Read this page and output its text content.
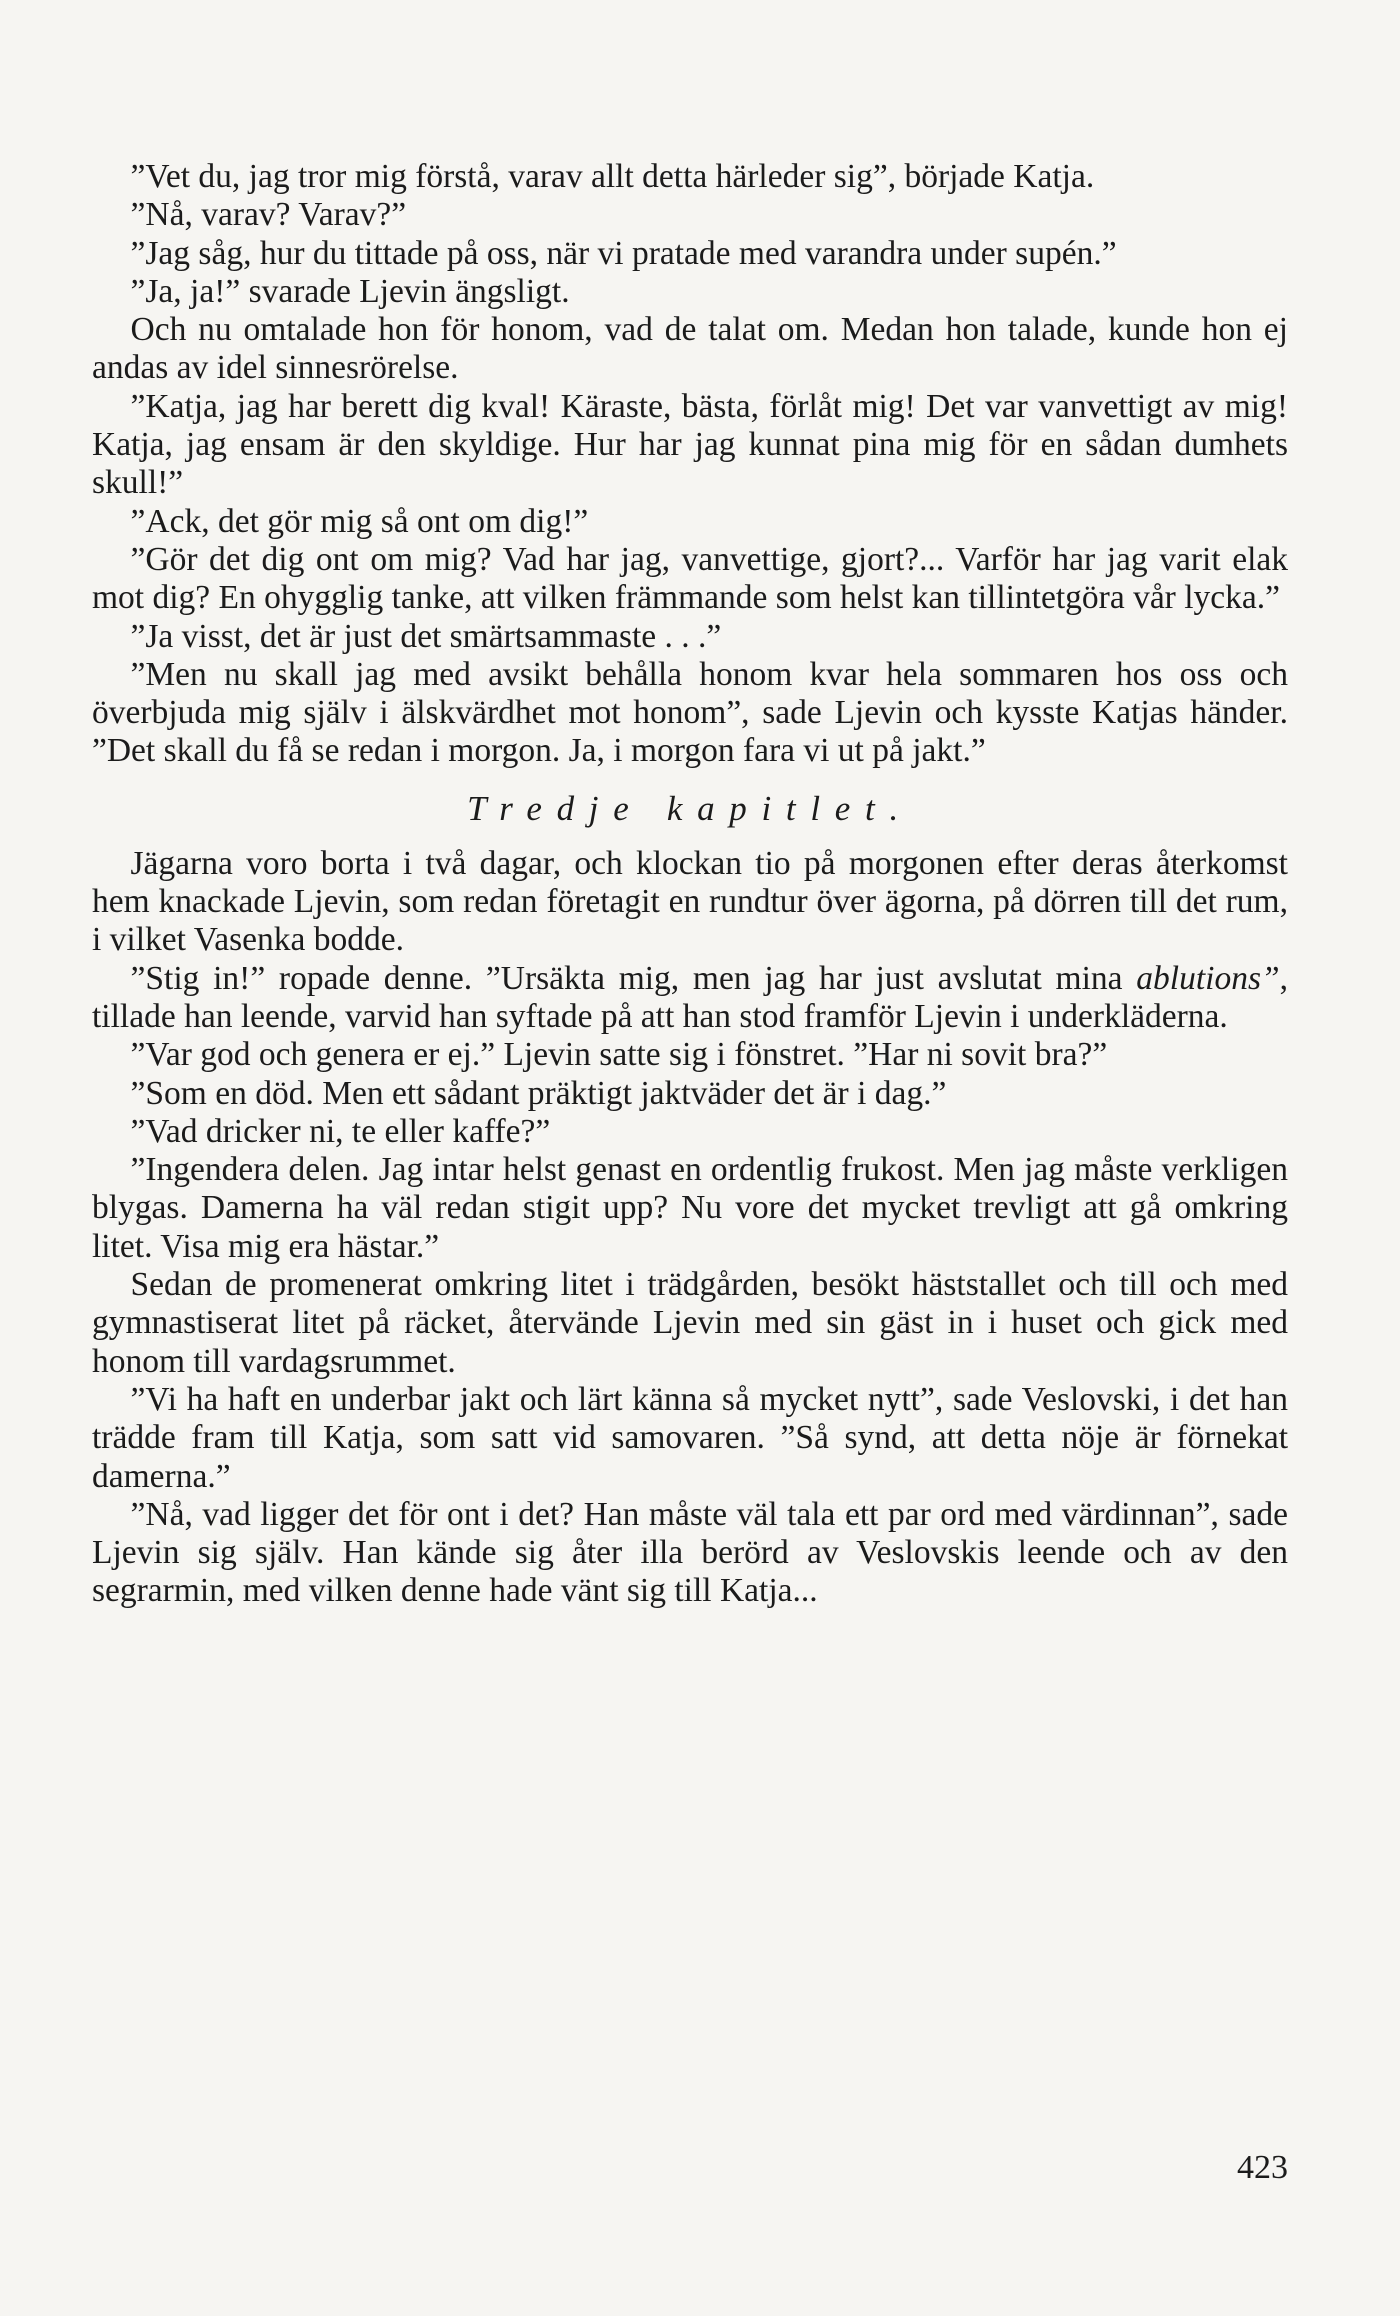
”Vet du, jag tror mig förstå, varav allt detta härleder sig”, började Katja.

”Nå, varav? Varav?”

”Jag såg, hur du tittade på oss, när vi pratade med varandra under supén.”

”Ja, ja!” svarade Ljevin ängsligt.

Och nu omtalade hon för honom, vad de talat om. Medan hon talade, kunde hon ej andas av idel sinnesrörelse.

”Katja, jag har berett dig kval! Käraste, bästa, förlåt mig! Det var vanvettigt av mig! Katja, jag ensam är den skyldige. Hur har jag kunnat pina mig för en sådan dumhets skull!”

”Ack, det gör mig så ont om dig!”

”Gör det dig ont om mig? Vad har jag, vanvettige, gjort?... Varför har jag varit elak mot dig? En ohygglig tanke, att vilken främmande som helst kan tillintetgöra vår lycka.”

”Ja visst, det är just det smärtsammaste . . .”

”Men nu skall jag med avsikt behålla honom kvar hela sommaren hos oss och överbjuda mig själv i älskvärdhet mot honom”, sade Ljevin och kysste Katjas händer. ”Det skall du få se redan i morgon. Ja, i morgon fara vi ut på jakt.”

Tredje kapitlet.

Jägarna voro borta i två dagar, och klockan tio på morgonen efter deras återkomst hem knackade Ljevin, som redan företagit en rundtur över ägorna, på dörren till det rum, i vilket Vasenka bodde.

”Stig in!” ropade denne. ”Ursäkta mig, men jag har just avslutat mina ablutions”, tillade han leende, varvid han syftade på att han stod framför Ljevin i underkläderna.

”Var god och genera er ej.” Ljevin satte sig i fönstret. ”Har ni sovit bra?”

”Som en död. Men ett sådant präktigt jaktväder det är i dag.”

”Vad dricker ni, te eller kaffe?”

”Ingendera delen. Jag intar helst genast en ordentlig frukost. Men jag måste verkligen blygas. Damerna ha väl redan stigit upp? Nu vore det mycket trevligt att gå omkring litet. Visa mig era hästar.”

Sedan de promenerat omkring litet i trädgården, besökt häststallet och till och med gymnastiserat litet på räcket, återvände Ljevin med sin gäst in i huset och gick med honom till vardagsrummet.

”Vi ha haft en underbar jakt och lärt känna så mycket nytt”, sade Veslovski, i det han trädde fram till Katja, som satt vid samovaren. ”Så synd, att detta nöje är förnekat damerna.”

”Nå, vad ligger det för ont i det? Han måste väl tala ett par ord med värdinnan”, sade Ljevin sig själv. Han kände sig åter illa berörd av Veslovskis leende och av den segrarmin, med vilken denne hade vänt sig till Katja...

423
